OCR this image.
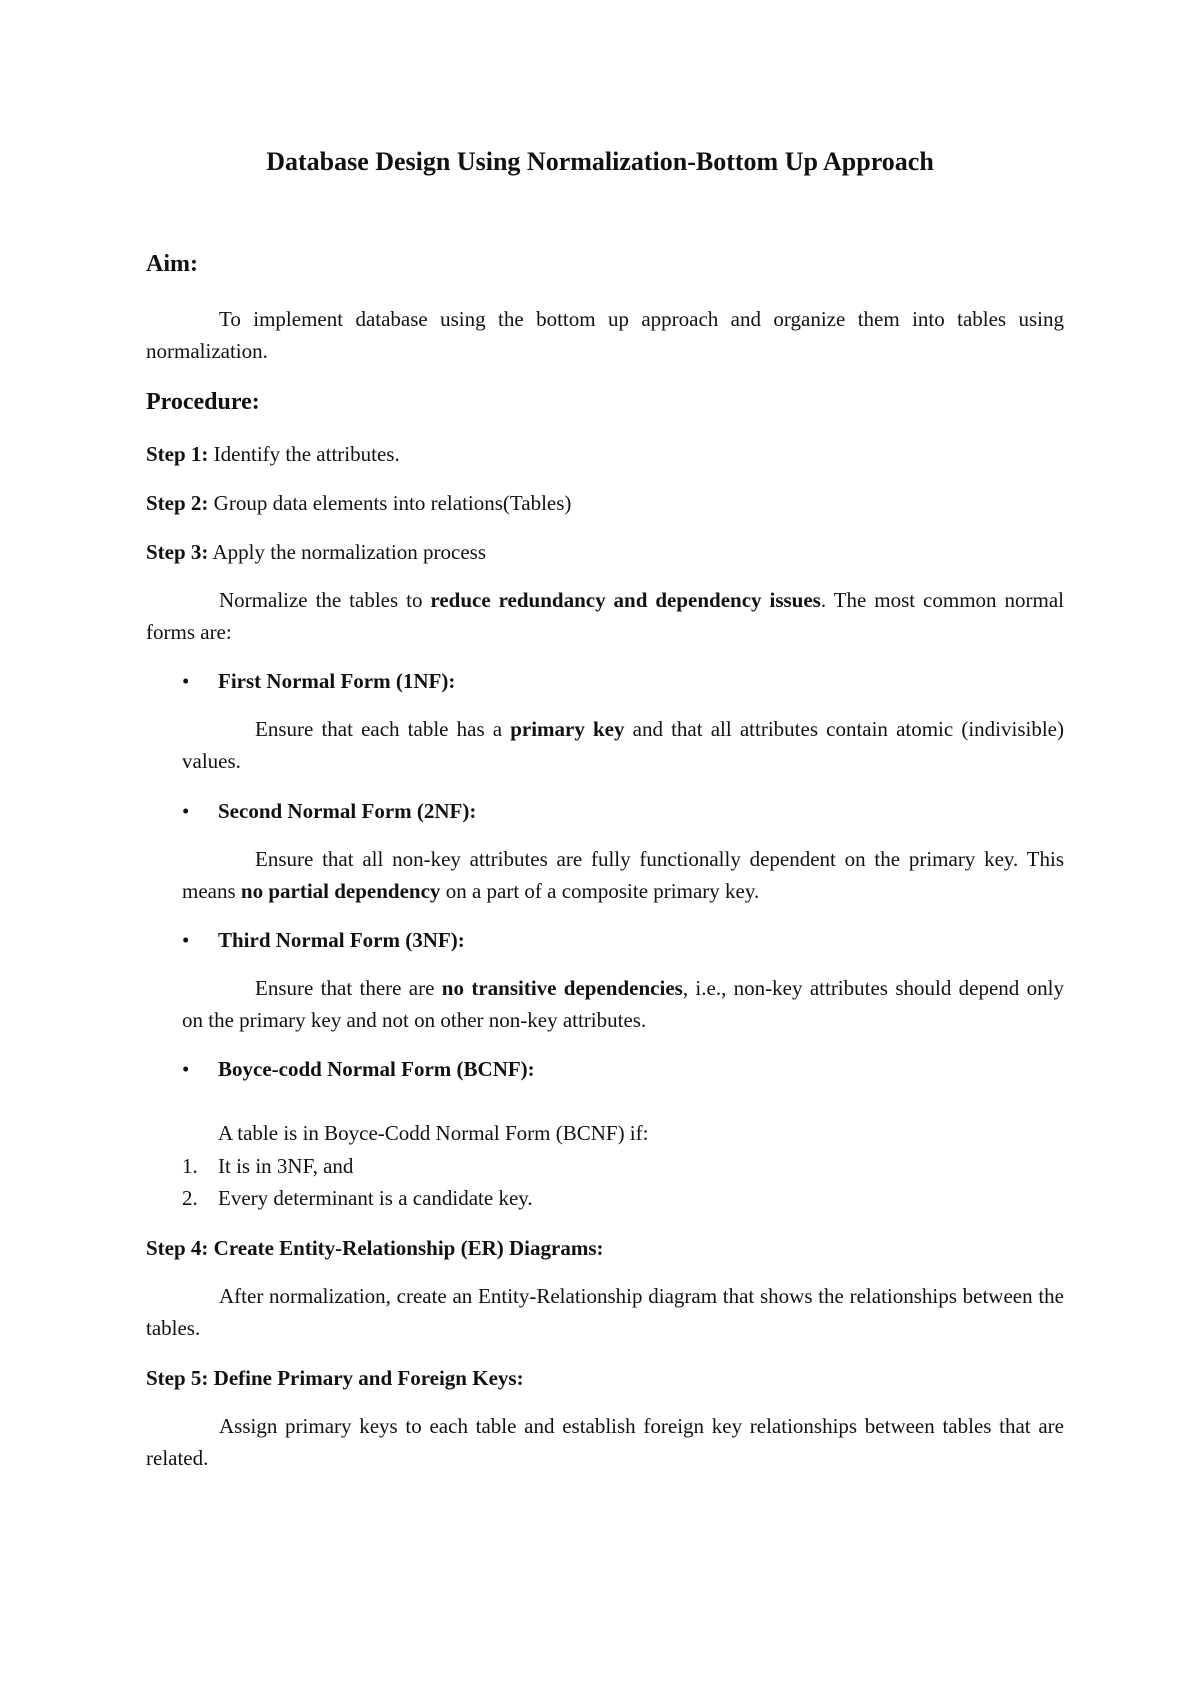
Database Design Using Normalization-Bottom Up Approach

Aim:

To implement database using the bottom up approach and organize them into tables using normalization.

Procedure:

Step 1: Identify the attributes.

Step 2: Group data elements into relations(Tables)

Step 3: Apply the normalization process

Normalize the tables to reduce redundancy and dependency issues. The most common normal forms are:

• First Normal Form (1NF):

Ensure that each table has a primary key and that all attributes contain atomic (indivisible) values.

• Second Normal Form (2NF):

Ensure that all non-key attributes are fully functionally dependent on the primary key. This means no partial dependency on a part of a composite primary key.

• Third Normal Form (3NF):

Ensure that there are no transitive dependencies, i.e., non-key attributes should depend only on the primary key and not on other non-key attributes.

• Boyce-codd Normal Form (BCNF):

A table is in Boyce-Codd Normal Form (BCNF) if:

1. It is in 3NF, and

2. Every determinant is a candidate key.

Step 4: Create Entity-Relationship (ER) Diagrams:

After normalization, create an Entity-Relationship diagram that shows the relationships between the tables.

Step 5: Define Primary and Foreign Keys:

Assign primary keys to each table and establish foreign key relationships between tables that are related.
